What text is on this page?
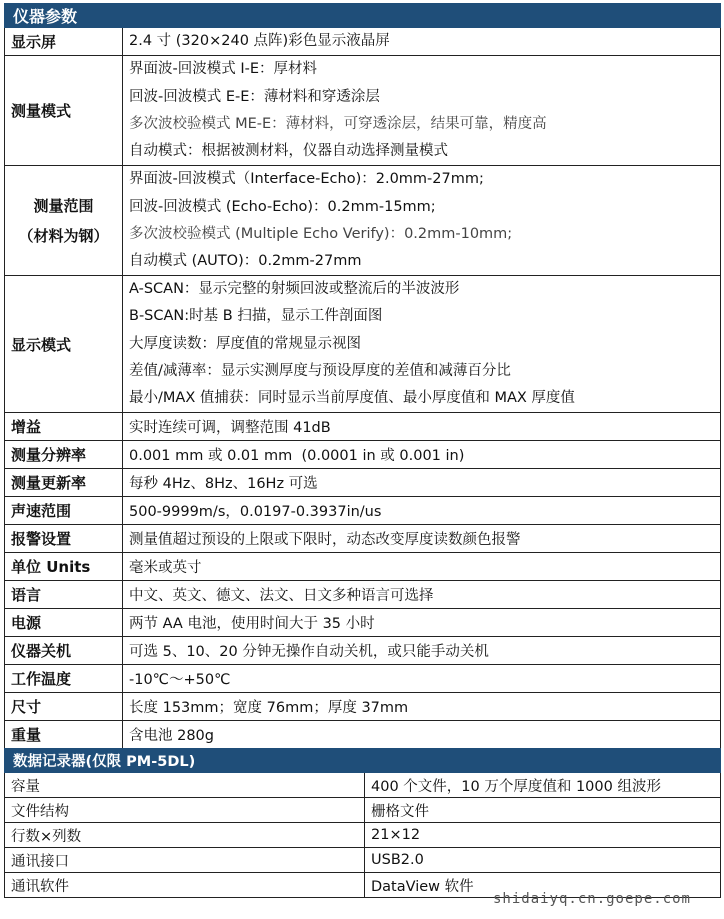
仪器参数	
显示屏	2.4 寸 (320×240 点阵)彩色显示液晶屏

测量模式	界面波-回波模式 I-E：厚材料
回波-回波模式 E-E：薄材料和穿透涂层
多次波校验模式 ME-E：薄材料，可穿透涂层，结果可靠，精度高
自动模式：根据被测材料，仪器自动选择测量模式

测量范围
（材料为钢）	界面波-回波模式（Interface-Echo)：2.0mm-27mm;
回波-回波模式 (Echo-Echo)：0.2mm-15mm;
多次波校验模式 (Multiple Echo Verify)：0.2mm-10mm;
自动模式 (AUTO)：0.2mm-27mm

显示模式	A-SCAN：显示完整的射频回波或整流后的半波波形
B-SCAN:时基 B 扫描，显示工件剖面图
大厚度读数：厚度值的常规显示视图
差值/减薄率：显示实测厚度与预设厚度的差值和减薄百分比
最小/MAX 值捕获：同时显示当前厚度值、最小厚度值和 MAX 厚度值

增益	实时连续可调，调整范围 41dB
测量分辨率	0.001 mm 或 0.01 mm  (0.0001 in 或 0.001 in)
测量更新率	每秒 4Hz、8Hz、16Hz 可选
声速范围	500-9999m/s，0.0197-0.3937in/us
报警设置	测量值超过预设的上限或下限时，动态改变厚度读数颜色报警
单位 Units	毫米或英寸
语言	中文、英文、德文、法文、日文多种语言可选择
电源	两节 AA 电池，使用时间大于 35 小时
仪器关机	可选 5、10、20 分钟无操作自动关机，或只能手动关机
工作温度	-10℃～+50℃
尺寸	长度 153mm；宽度 76mm；厚度 37mm
重量	含电池 280g
数据记录器(仅限 PM-5DL)	
容量	400 个文件，10 万个厚度值和 1000 组波形
文件结构	栅格文件
行数×列数	21×12
通讯接口	USB2.0
通讯软件	DataView 软件
shidaiyq.cn.goepe.com
